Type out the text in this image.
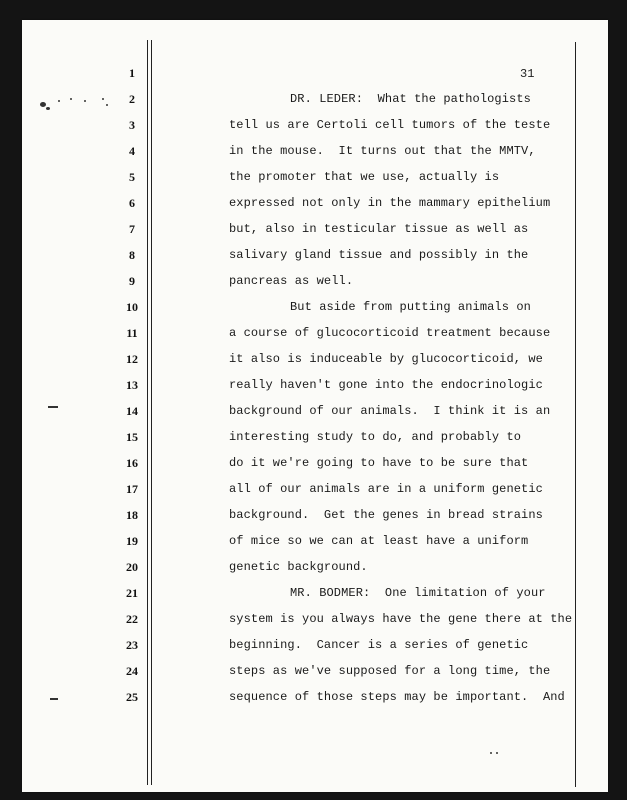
31
1
2
3
4
5
6
7
8
9
10
11
12
13
14
15
16
17
18
19
20
21
22
23
24
25
DR. LEDER:  What the pathologists
tell us are Certoli cell tumors of the teste
in the mouse.  It turns out that the MMTV,
the promoter that we use, actually is
expressed not only in the mammary epithelium
but, also in testicular tissue as well as
salivary gland tissue and possibly in the
pancreas as well.
But aside from putting animals on
a course of glucocorticoid treatment because
it also is induceable by glucocorticoid, we
really haven't gone into the endocrinologic
background of our animals.  I think it is an
interesting study to do, and probably to
do it we're going to have to be sure that
all of our animals are in a uniform genetic
background.  Get the genes in bread strains
of mice so we can at least have a uniform
genetic background.
MR. BODMER:  One limitation of your
system is you always have the gene there at the
beginning.  Cancer is a series of genetic
steps as we've supposed for a long time, the
sequence of those steps may be important.  And
